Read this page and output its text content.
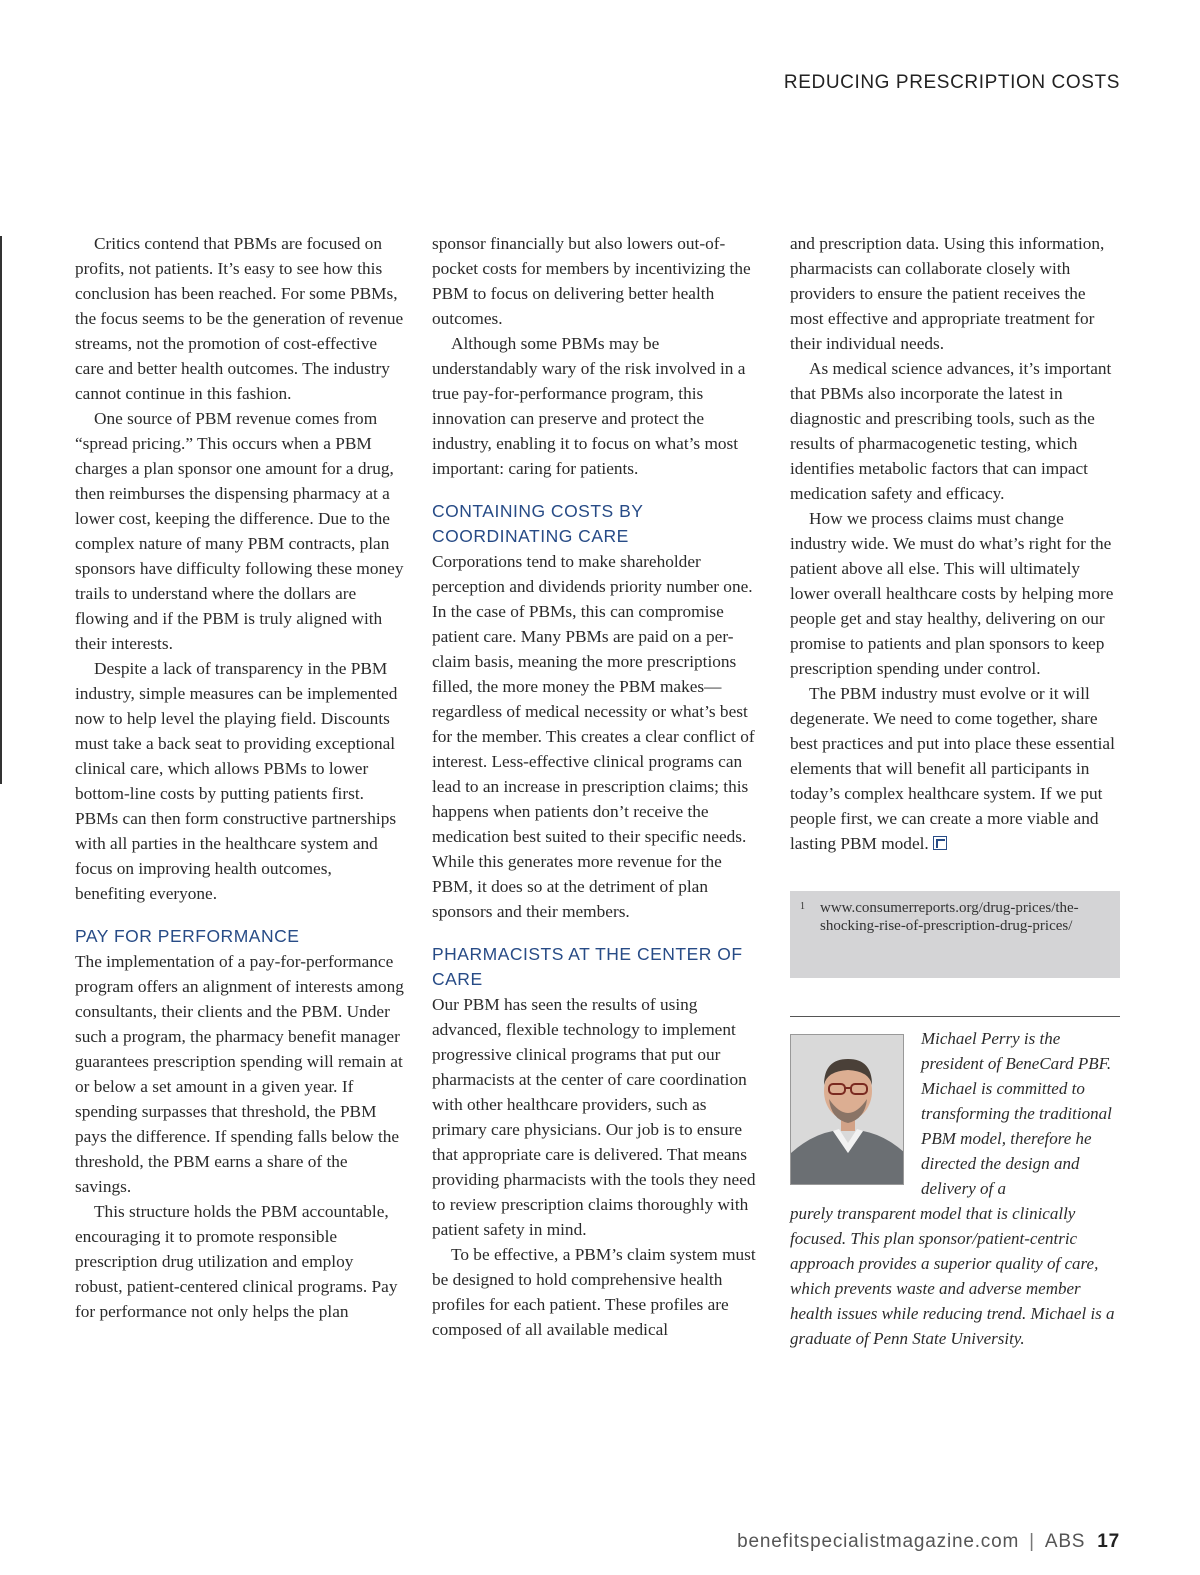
REDUCING PRESCRIPTION COSTS

Critics contend that PBMs are focused on profits, not patients. It’s easy to see how this conclusion has been reached. For some PBMs, the focus seems to be the generation of revenue streams, not the promotion of cost-effective care and better health outcomes. The industry cannot continue in this fashion.

One source of PBM revenue comes from “spread pricing.” This occurs when a PBM charges a plan sponsor one amount for a drug, then reimburses the dispensing pharmacy at a lower cost, keeping the difference. Due to the complex nature of many PBM contracts, plan sponsors have difficulty following these money trails to understand where the dollars are flowing and if the PBM is truly aligned with their interests.

Despite a lack of transparency in the PBM industry, simple measures can be implemented now to help level the playing field. Discounts must take a back seat to providing exceptional clinical care, which allows PBMs to lower bottom-line costs by putting patients first. PBMs can then form constructive partnerships with all parties in the healthcare system and focus on improving health outcomes, benefiting everyone.

PAY FOR PERFORMANCE

The implementation of a pay-for-performance program offers an alignment of interests among consultants, their clients and the PBM. Under such a program, the pharmacy benefit manager guarantees prescription spending will remain at or below a set amount in a given year. If spending surpasses that threshold, the PBM pays the difference. If spending falls below the threshold, the PBM earns a share of the savings.

This structure holds the PBM accountable, encouraging it to promote responsible prescription drug utilization and employ robust, patient-centered clinical programs. Pay for performance not only helps the plan

sponsor financially but also lowers out-of-pocket costs for members by incentivizing the PBM to focus on delivering better health outcomes.

Although some PBMs may be understandably wary of the risk involved in a true pay-for-performance program, this innovation can preserve and protect the industry, enabling it to focus on what’s most important: caring for patients.

CONTAINING COSTS BY COORDINATING CARE

Corporations tend to make shareholder perception and dividends priority number one. In the case of PBMs, this can compromise patient care. Many PBMs are paid on a per-claim basis, meaning the more prescriptions filled, the more money the PBM makes—regardless of medical necessity or what’s best for the member. This creates a clear conflict of interest. Less-effective clinical programs can lead to an increase in prescription claims; this happens when patients don’t receive the medication best suited to their specific needs. While this generates more revenue for the PBM, it does so at the detriment of plan sponsors and their members.

PHARMACISTS AT THE CENTER OF CARE

Our PBM has seen the results of using advanced, flexible technology to implement progressive clinical programs that put our pharmacists at the center of care coordination with other healthcare providers, such as primary care physicians. Our job is to ensure that appropriate care is delivered. That means providing pharmacists with the tools they need to review prescription claims thoroughly with patient safety in mind.

To be effective, a PBM’s claim system must be designed to hold comprehensive health profiles for each patient. These profiles are composed of all available medical

and prescription data. Using this information, pharmacists can collaborate closely with providers to ensure the patient receives the most effective and appropriate treatment for their individual needs.

As medical science advances, it’s important that PBMs also incorporate the latest in diagnostic and prescribing tools, such as the results of pharmacogenetic testing, which identifies metabolic factors that can impact medication safety and efficacy.

How we process claims must change industry wide. We must do what’s right for the patient above all else. This will ultimately lower overall healthcare costs by helping more people get and stay healthy, delivering on our promise to patients and plan sponsors to keep prescription spending under control.

The PBM industry must evolve or it will degenerate. We need to come together, share best practices and put into place these essential elements that will benefit all participants in today’s complex healthcare system. If we put people first, we can create a more viable and lasting PBM model.

1 www.consumerreports.org/drug-prices/the-shocking-rise-of-prescription-drug-prices/
Michael Perry is the president of BeneCard PBF. Michael is committed to transforming the traditional PBM model, therefore he directed the design and delivery of a
purely transparent model that is clinically focused. This plan sponsor/patient-centric approach provides a superior quality of care, which prevents waste and adverse member health issues while reducing trend. Michael is a graduate of Penn State University.
benefitspecialistmagazine.com | ABS 17
